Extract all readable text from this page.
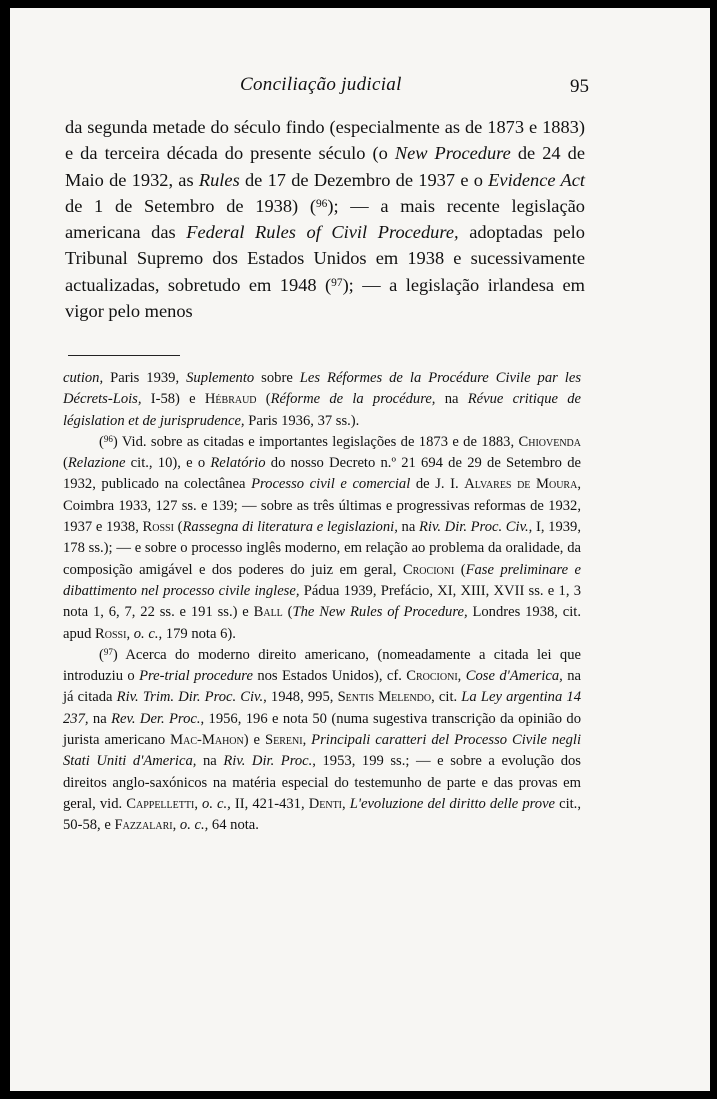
Conciliação judicial	95

da segunda metade do século findo (especialmente as de 1873 e 1883) e da terceira década do presente século (o New Procedure de 24 de Maio de 1932, as Rules de 17 de Dezembro de 1937 e o Evidence Act de 1 de Setembro de 1938) ($^{96}$); — a mais recente legislação americana das Federal Rules of Civil Procedure, adoptadas pelo Tribunal Supremo dos Estados Unidos em 1938 e sucessivamente actualizadas, sobretudo em 1948 ($^{97}$); — a legislação irlandesa em vigor pelo menos

cution, Paris 1939, Suplemento sobre Les Réformes de la Procédure Civile par les Décrets-Lois, I-58) e Hébraud (Réforme de la procédure, na Révue critique de législation et de jurisprudence, Paris 1936, 37 ss.).

($^{96}$) Vid. sobre as citadas e importantes legislações de 1873 e de 1883, Chiovenda (Relazione cit., 10), e o Relatório do nosso Decreto n.º 21 694 de 29 de Setembro de 1932, publicado na colectânea Processo civil e comercial de J. I. Alvares de Moura, Coimbra 1933, 127 ss. e 139; — sobre as três últimas e progressivas reformas de 1932, 1937 e 1938, Rossi (Rassegna di literatura e legislazioni, na Riv. Dir. Proc. Civ., I, 1939, 178 ss.); — e sobre o processo inglês moderno, em relação ao problema da oralidade, da composição amigável e dos poderes do juiz em geral, Crocioni (Fase preliminare e dibattimento nel processo civile inglese, Pádua 1939, Prefácio, XI, XIII, XVII ss. e 1, 3 nota 1, 6, 7, 22 ss. e 191 ss.) e Ball (The New Rules of Procedure, Londres 1938, cit. apud Rossi, o. c., 179 nota 6).

($^{97}$) Acerca do moderno direito americano, (nomeadamente a citada lei que introduziu o Pre-trial procedure nos Estados Unidos), cf. Crocioni, Cose d'America, na já citada Riv. Trim. Dir. Proc. Civ., 1948, 995, Sentis Melendo, cit. La Ley argentina 14 237, na Rev. Der. Proc., 1956, 196 e nota 50 (numa sugestiva transcrição da opinião do jurista americano Mac-Mahon) e Sereni, Principali caratteri del Processo Civile negli Stati Uniti d'America, na Riv. Dir. Proc., 1953, 199 ss.; — e sobre a evolução dos direitos anglo-saxónicos na matéria especial do testemunho de parte e das provas em geral, vid. Cappelletti, o. c., II, 421-431, Denti, L'evoluzione del diritto delle prove cit., 50-58, e Fazzalari, o. c., 64 nota.
